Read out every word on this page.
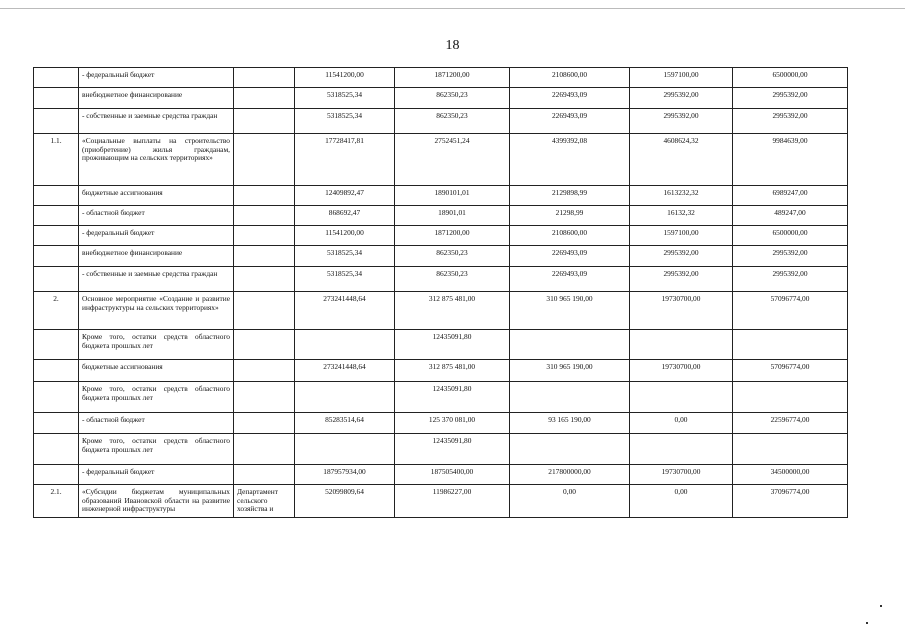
18
	- федеральный бюджет		11541200,00	1871200,00	2108600,00	1597100,00	6500000,00
	внебюджетное финансирование		5318525,34	862350,23	2269493,09	2995392,00	2995392,00
	- собственные и заемные средства граждан		5318525,34	862350,23	2269493,09	2995392,00	2995392,00
1.1.	«Социальные выплаты на строительство (приобретение) жилья гражданам, проживающим на сельских территориях»		17728417,81	2752451,24	4399392,08	4608624,32	9984639,00
	бюджетные ассигнования		12409892,47	1890101,01	2129898,99	1613232,32	6989247,00
	- областной бюджет		868692,47	18901,01	21298,99	16132,32	489247,00
	- федеральный бюджет		11541200,00	1871200,00	2108600,00	1597100,00	6500000,00
	внебюджетное финансирование		5318525,34	862350,23	2269493,09	2995392,00	2995392,00
	- собственные и заемные средства граждан		5318525,34	862350,23	2269493,09	2995392,00	2995392,00
2.	Основное мероприятие «Создание и развитие инфраструктуры на сельских территориях»		273241448,64	312 875 481,00	310 965 190,00	19730700,00	57096774,00
	Кроме того, остатки средств областного бюджета прошлых лет			12435091,80			
	бюджетные ассигнования		273241448,64	312 875 481,00	310 965 190,00	19730700,00	57096774,00
	Кроме того, остатки средств областного бюджета прошлых лет			12435091,80			
	- областной бюджет		85283514,64	125 370 081,00	93 165 190,00	0,00	22596774,00
	Кроме того, остатки средств областного бюджета прошлых лет			12435091,80			
	- федеральный бюджет		187957934,00	187505400,00	217800000,00	19730700,00	34500000,00
2.1.	«Субсидии бюджетам муниципальных образований Ивановской области на развитие инженерной инфраструктуры	Департамент сельского хозяйства и	52099809,64	11986227,00	0,00	0,00	37096774,00
